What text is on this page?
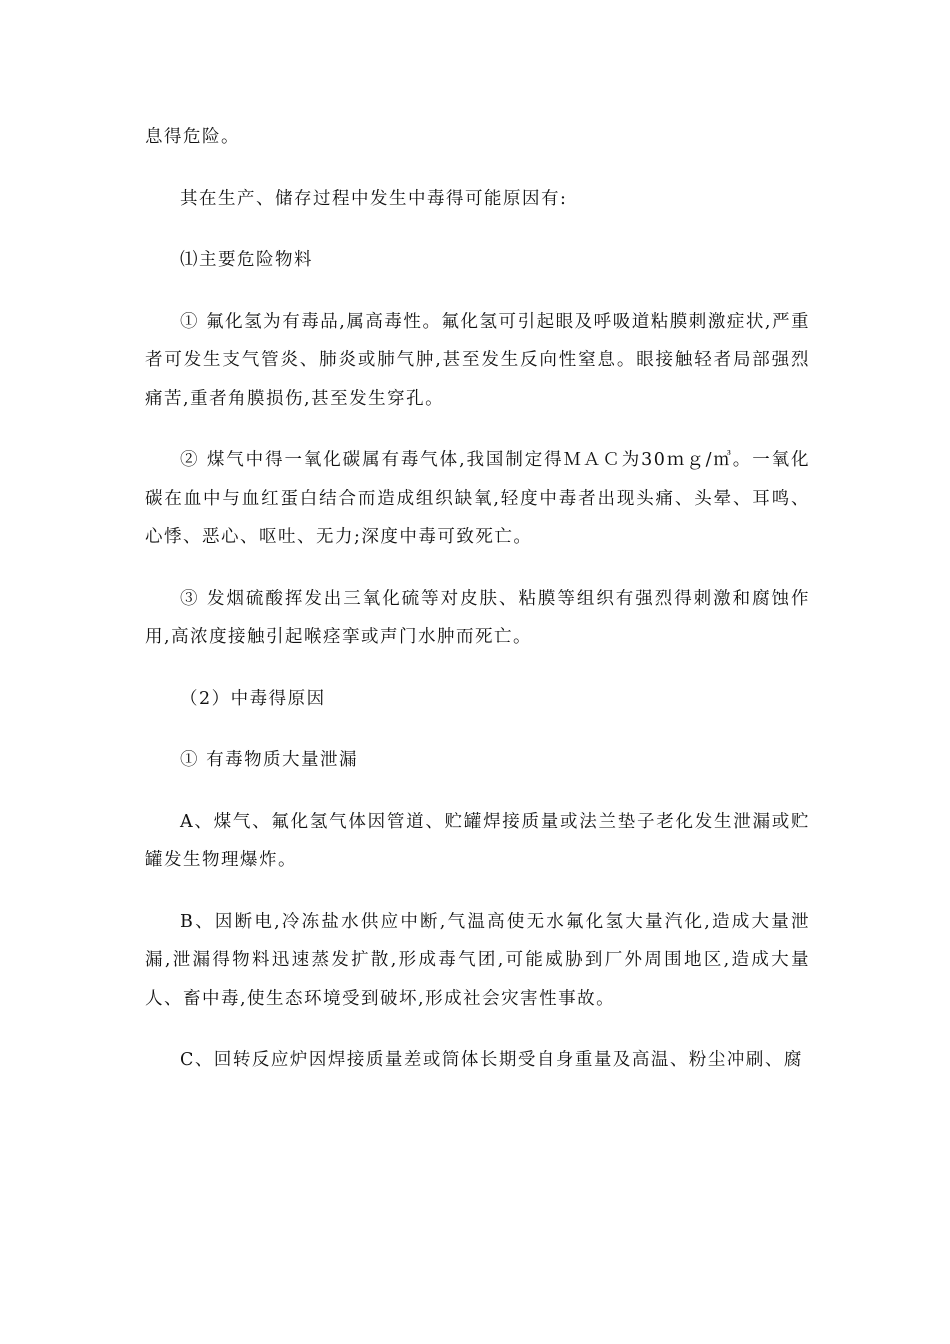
息得危险。

其在生产、储存过程中发生中毒得可能原因有:

⑴主要危险物料

① 氟化氢为有毒品,属高毒性。氟化氢可引起眼及呼吸道粘膜刺激症状,严重者可发生支气管炎、肺炎或肺气肿,甚至发生反向性窒息。眼接触轻者局部强烈痛苦,重者角膜损伤,甚至发生穿孔。

② 煤气中得一氧化碳属有毒气体,我国制定得ＭＡＣ为30ｍｇ/㎥。一氧化碳在血中与血红蛋白结合而造成组织缺氧,轻度中毒者出现头痛、头晕、耳鸣、心悸、恶心、呕吐、无力;深度中毒可致死亡。

③ 发烟硫酸挥发出三氧化硫等对皮肤、粘膜等组织有强烈得刺激和腐蚀作用,高浓度接触引起喉痉挛或声门水肿而死亡。

（2）中毒得原因

① 有毒物质大量泄漏

A、煤气、氟化氢气体因管道、贮罐焊接质量或法兰垫子老化发生泄漏或贮罐发生物理爆炸。

B、因断电,冷冻盐水供应中断,气温高使无水氟化氢大量汽化,造成大量泄漏,泄漏得物料迅速蒸发扩散,形成毒气团,可能威胁到厂外周围地区,造成大量人、畜中毒,使生态环境受到破坏,形成社会灾害性事故。

C、回转反应炉因焊接质量差或筒体长期受自身重量及高温、粉尘冲刷、腐
